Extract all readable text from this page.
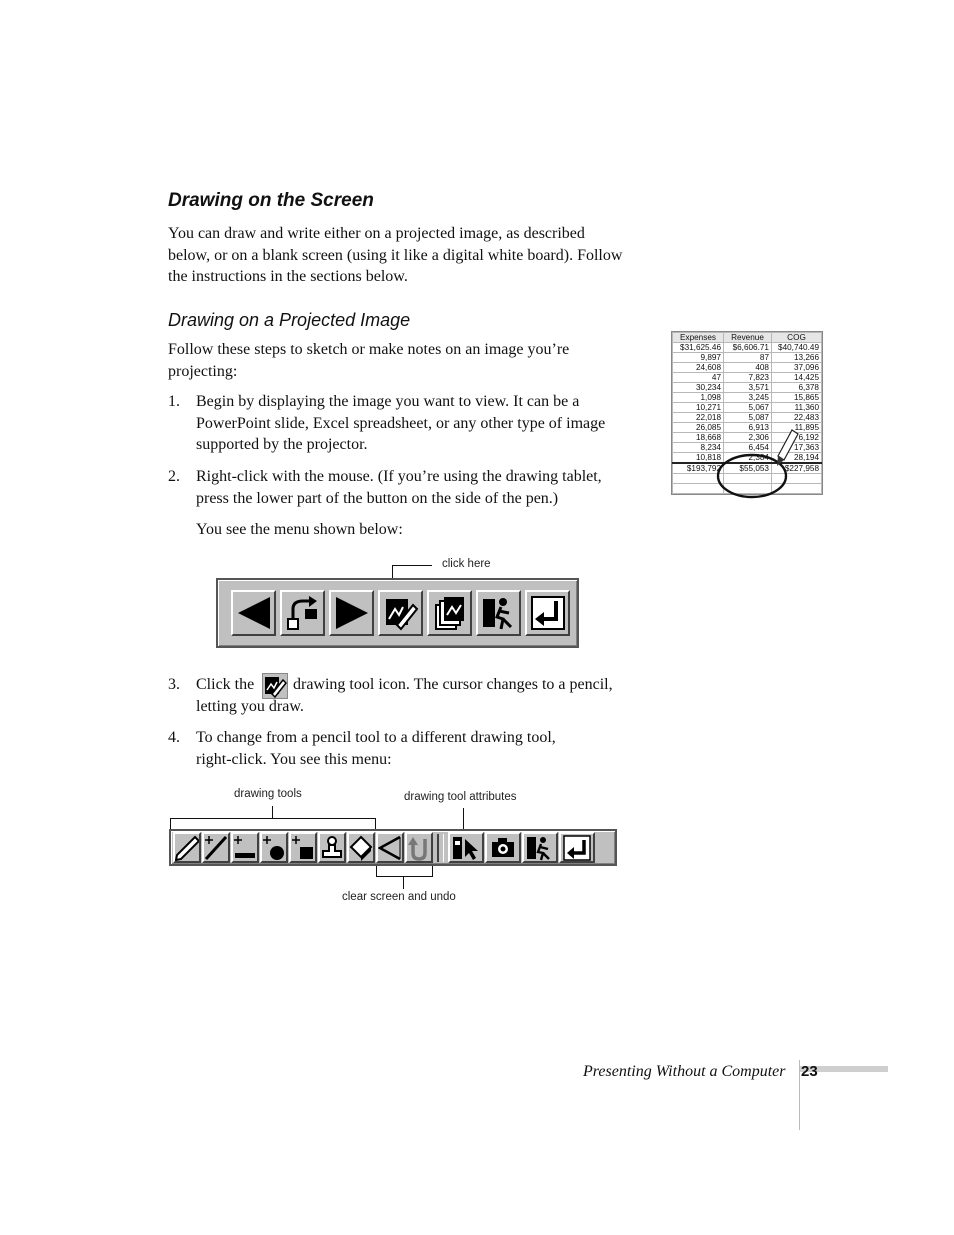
Drawing on the Screen
You can draw and write either on a projected image, as described
below, or on a blank screen (using it like a digital white board). Follow
the instructions in the sections below.
Drawing on a Projected Image
Follow these steps to sketch or make notes on an image you’re
projecting:
1. Begin by displaying the image you want to view. It can be a
PowerPoint slide, Excel spreadsheet, or any other type of image
supported by the projector.
2. Right-click with the mouse. (If you’re using the drawing tablet,
press the lower part of the button on the side of the pen.)
You see the menu shown below:
Expenses	Revenue	COG
$31,625.46	$6,606.71	$40,740.49
9,897	87	13,266
24,608	408	37,096
47	7,823	14,425
30,234	3,571	6,378
1,098	3,245	15,865
10,271	5,067	11,360
22,018	5,087	22,483
26,085	6,913	11,895
18,668	2,306	6,192
8,234	6,454	17,363
10,818	2,384	28,194
$193,792	$55,053	$227,958

click here
3. Click the drawing tool icon. The cursor changes to a pencil,
letting you draw.
4. To change from a pencil tool to a different drawing tool,
right-click. You see this menu:
drawing tools	drawing tool attributes
clear screen and undo
Presenting Without a Computer 23
